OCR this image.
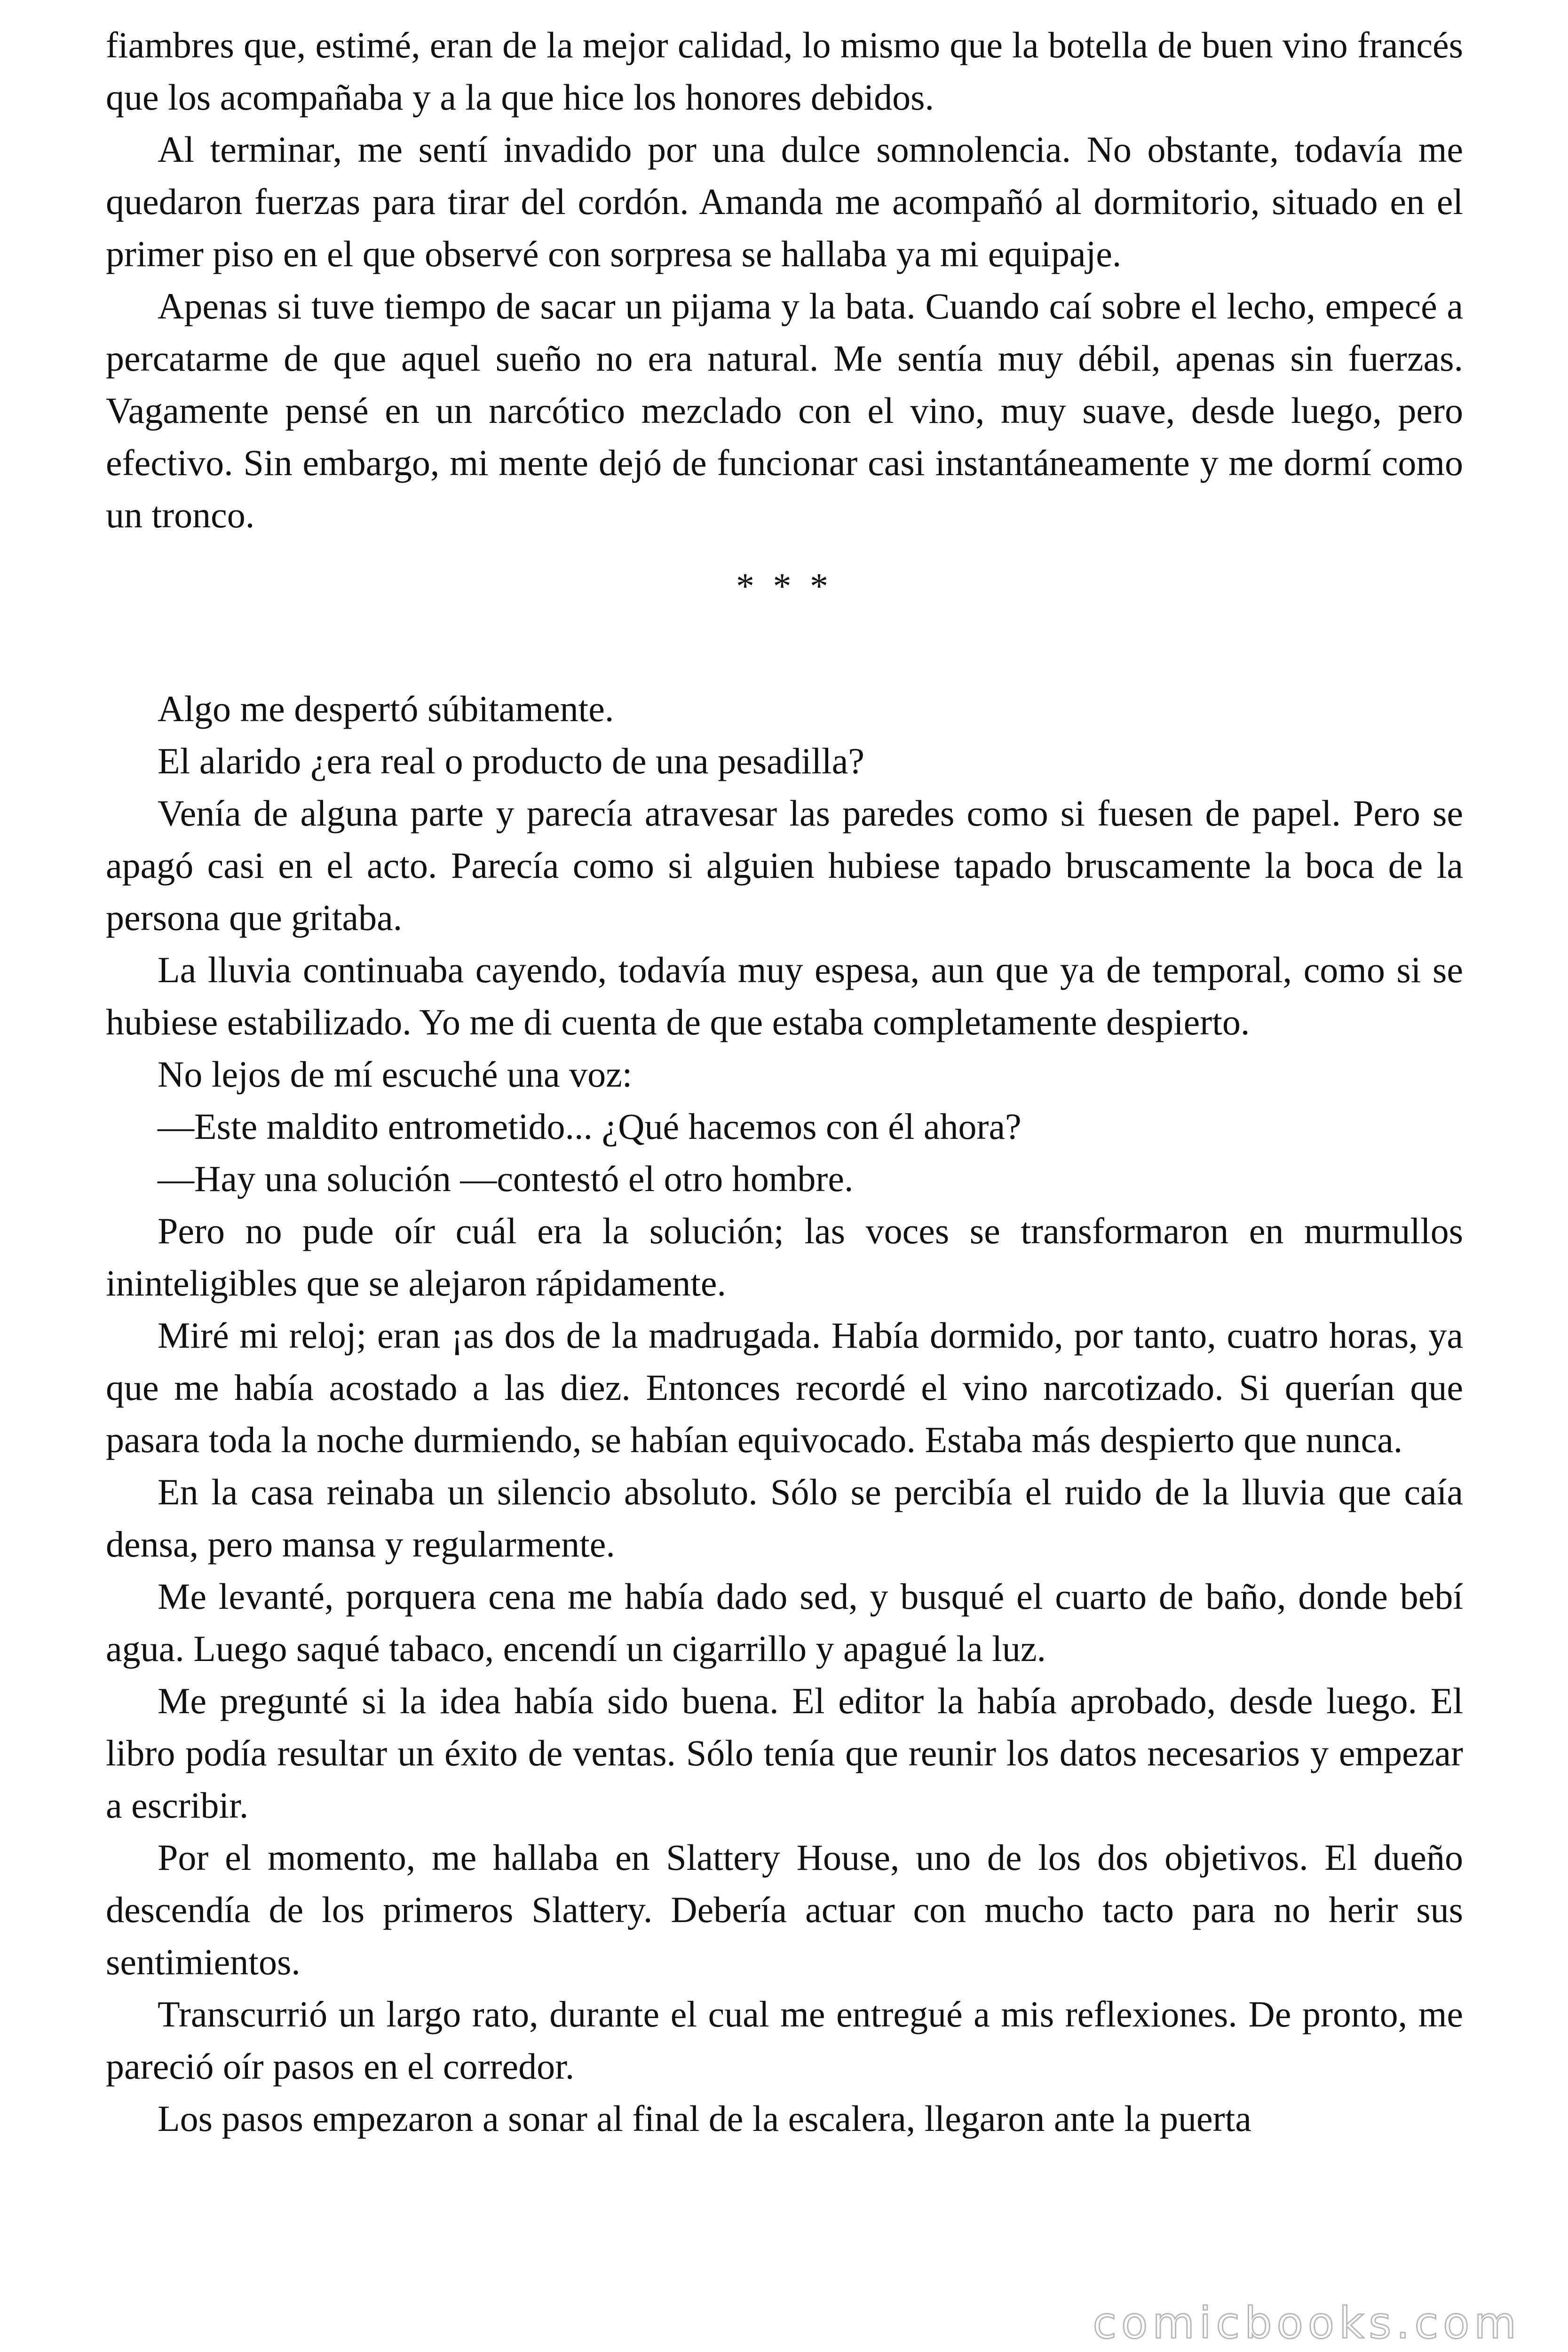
fiambres que, estimé, eran de la mejor calidad, lo mismo que la botella de buen vino francés que los acompañaba y a la que hice los honores debidos.

Al terminar, me sentí invadido por una dulce somnolencia. No obstante, todavía me quedaron fuerzas para tirar del cordón. Amanda me acompañó al dormitorio, situado en el primer piso en el que observé con sorpresa se hallaba ya mi equipaje.

Apenas si tuve tiempo de sacar un pijama y la bata. Cuando caí sobre el lecho, empecé a percatarme de que aquel sueño no era natural. Me sentía muy débil, apenas sin fuerzas. Vagamente pensé en un narcótico mezclado con el vino, muy suave, desde luego, pero efectivo. Sin embargo, mi mente dejó de funcionar casi instantáneamente y me dormí como un tronco.

* * *

Algo me despertó súbitamente.

El alarido ¿era real o producto de una pesadilla?

Venía de alguna parte y parecía atravesar las paredes como si fuesen de papel. Pero se apagó casi en el acto. Parecía como si alguien hubiese tapado bruscamente la boca de la persona que gritaba.

La lluvia continuaba cayendo, todavía muy espesa, aun que ya de temporal, como si se hubiese estabilizado. Yo me di cuenta de que estaba completamente despierto.

No lejos de mí escuché una voz:

—Este maldito entrometido... ¿Qué hacemos con él ahora?

—Hay una solución —contestó el otro hombre.

Pero no pude oír cuál era la solución; las voces se transformaron en murmullos ininteligibles que se alejaron rápidamente.

Miré mi reloj; eran ¡as dos de la madrugada. Había dormido, por tanto, cuatro horas, ya que me había acostado a las diez. Entonces recordé el vino narcotizado. Si querían que pasara toda la noche durmiendo, se habían equivocado. Estaba más despierto que nunca.

En la casa reinaba un silencio absoluto. Sólo se percibía el ruido de la lluvia que caía densa, pero mansa y regularmente.

Me levanté, porquera cena me había dado sed, y busqué el cuarto de baño, donde bebí agua. Luego saqué tabaco, encendí un cigarrillo y apagué la luz.

Me pregunté si la idea había sido buena. El editor la había aprobado, desde luego. El libro podía resultar un éxito de ventas. Sólo tenía que reunir los datos necesarios y empezar a escribir.

Por el momento, me hallaba en Slattery House, uno de los dos objetivos. El dueño descendía de los primeros Slattery. Debería actuar con mucho tacto para no herir sus sentimientos.

Transcurrió un largo rato, durante el cual me entregué a mis reflexiones. De pronto, me pareció oír pasos en el corredor.

Los pasos empezaron a sonar al final de la escalera, llegaron ante la puerta

comicbooks.com
